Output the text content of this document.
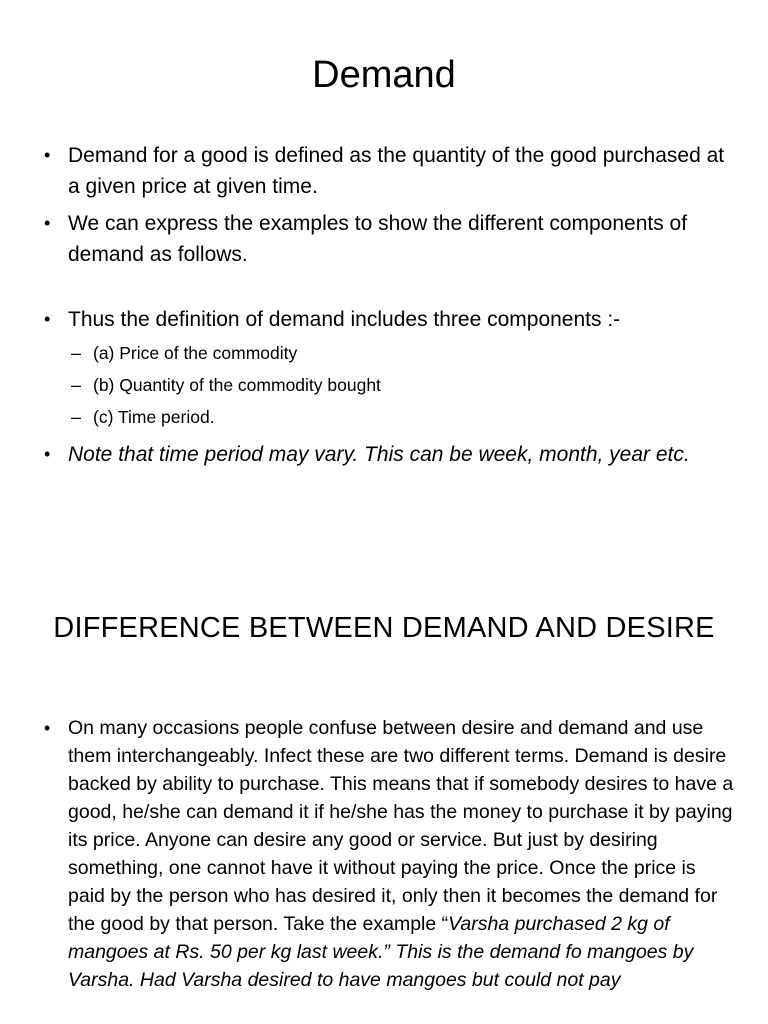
Demand
• Demand for a good is defined as the quantity of the good purchased at a given price at given time.
• We can express the examples to show the different components of demand as follows.
• Thus the definition of demand includes three components :-
– (a) Price of the commodity
– (b) Quantity of the commodity bought
– (c) Time period.
• Note that time period may vary. This can be week, month, year etc.
DIFFERENCE BETWEEN DEMAND AND DESIRE
• On many occasions people confuse between desire and demand and use them interchangeably. Infect these are two different terms. Demand is desire backed by ability to purchase. This means that if somebody desires to have a good, he/she can demand it if he/she has the money to purchase it by paying its price. Anyone can desire any good or service. But just by desiring something, one cannot have it without paying the price. Once the price is paid by the person who has desired it, only then it becomes the demand for the good by that person. Take the example “Varsha purchased 2 kg of mangoes at Rs. 50 per kg last week.” This is the demand fo mangoes by Varsha. Had Varsha desired to have mangoes but could not pay
